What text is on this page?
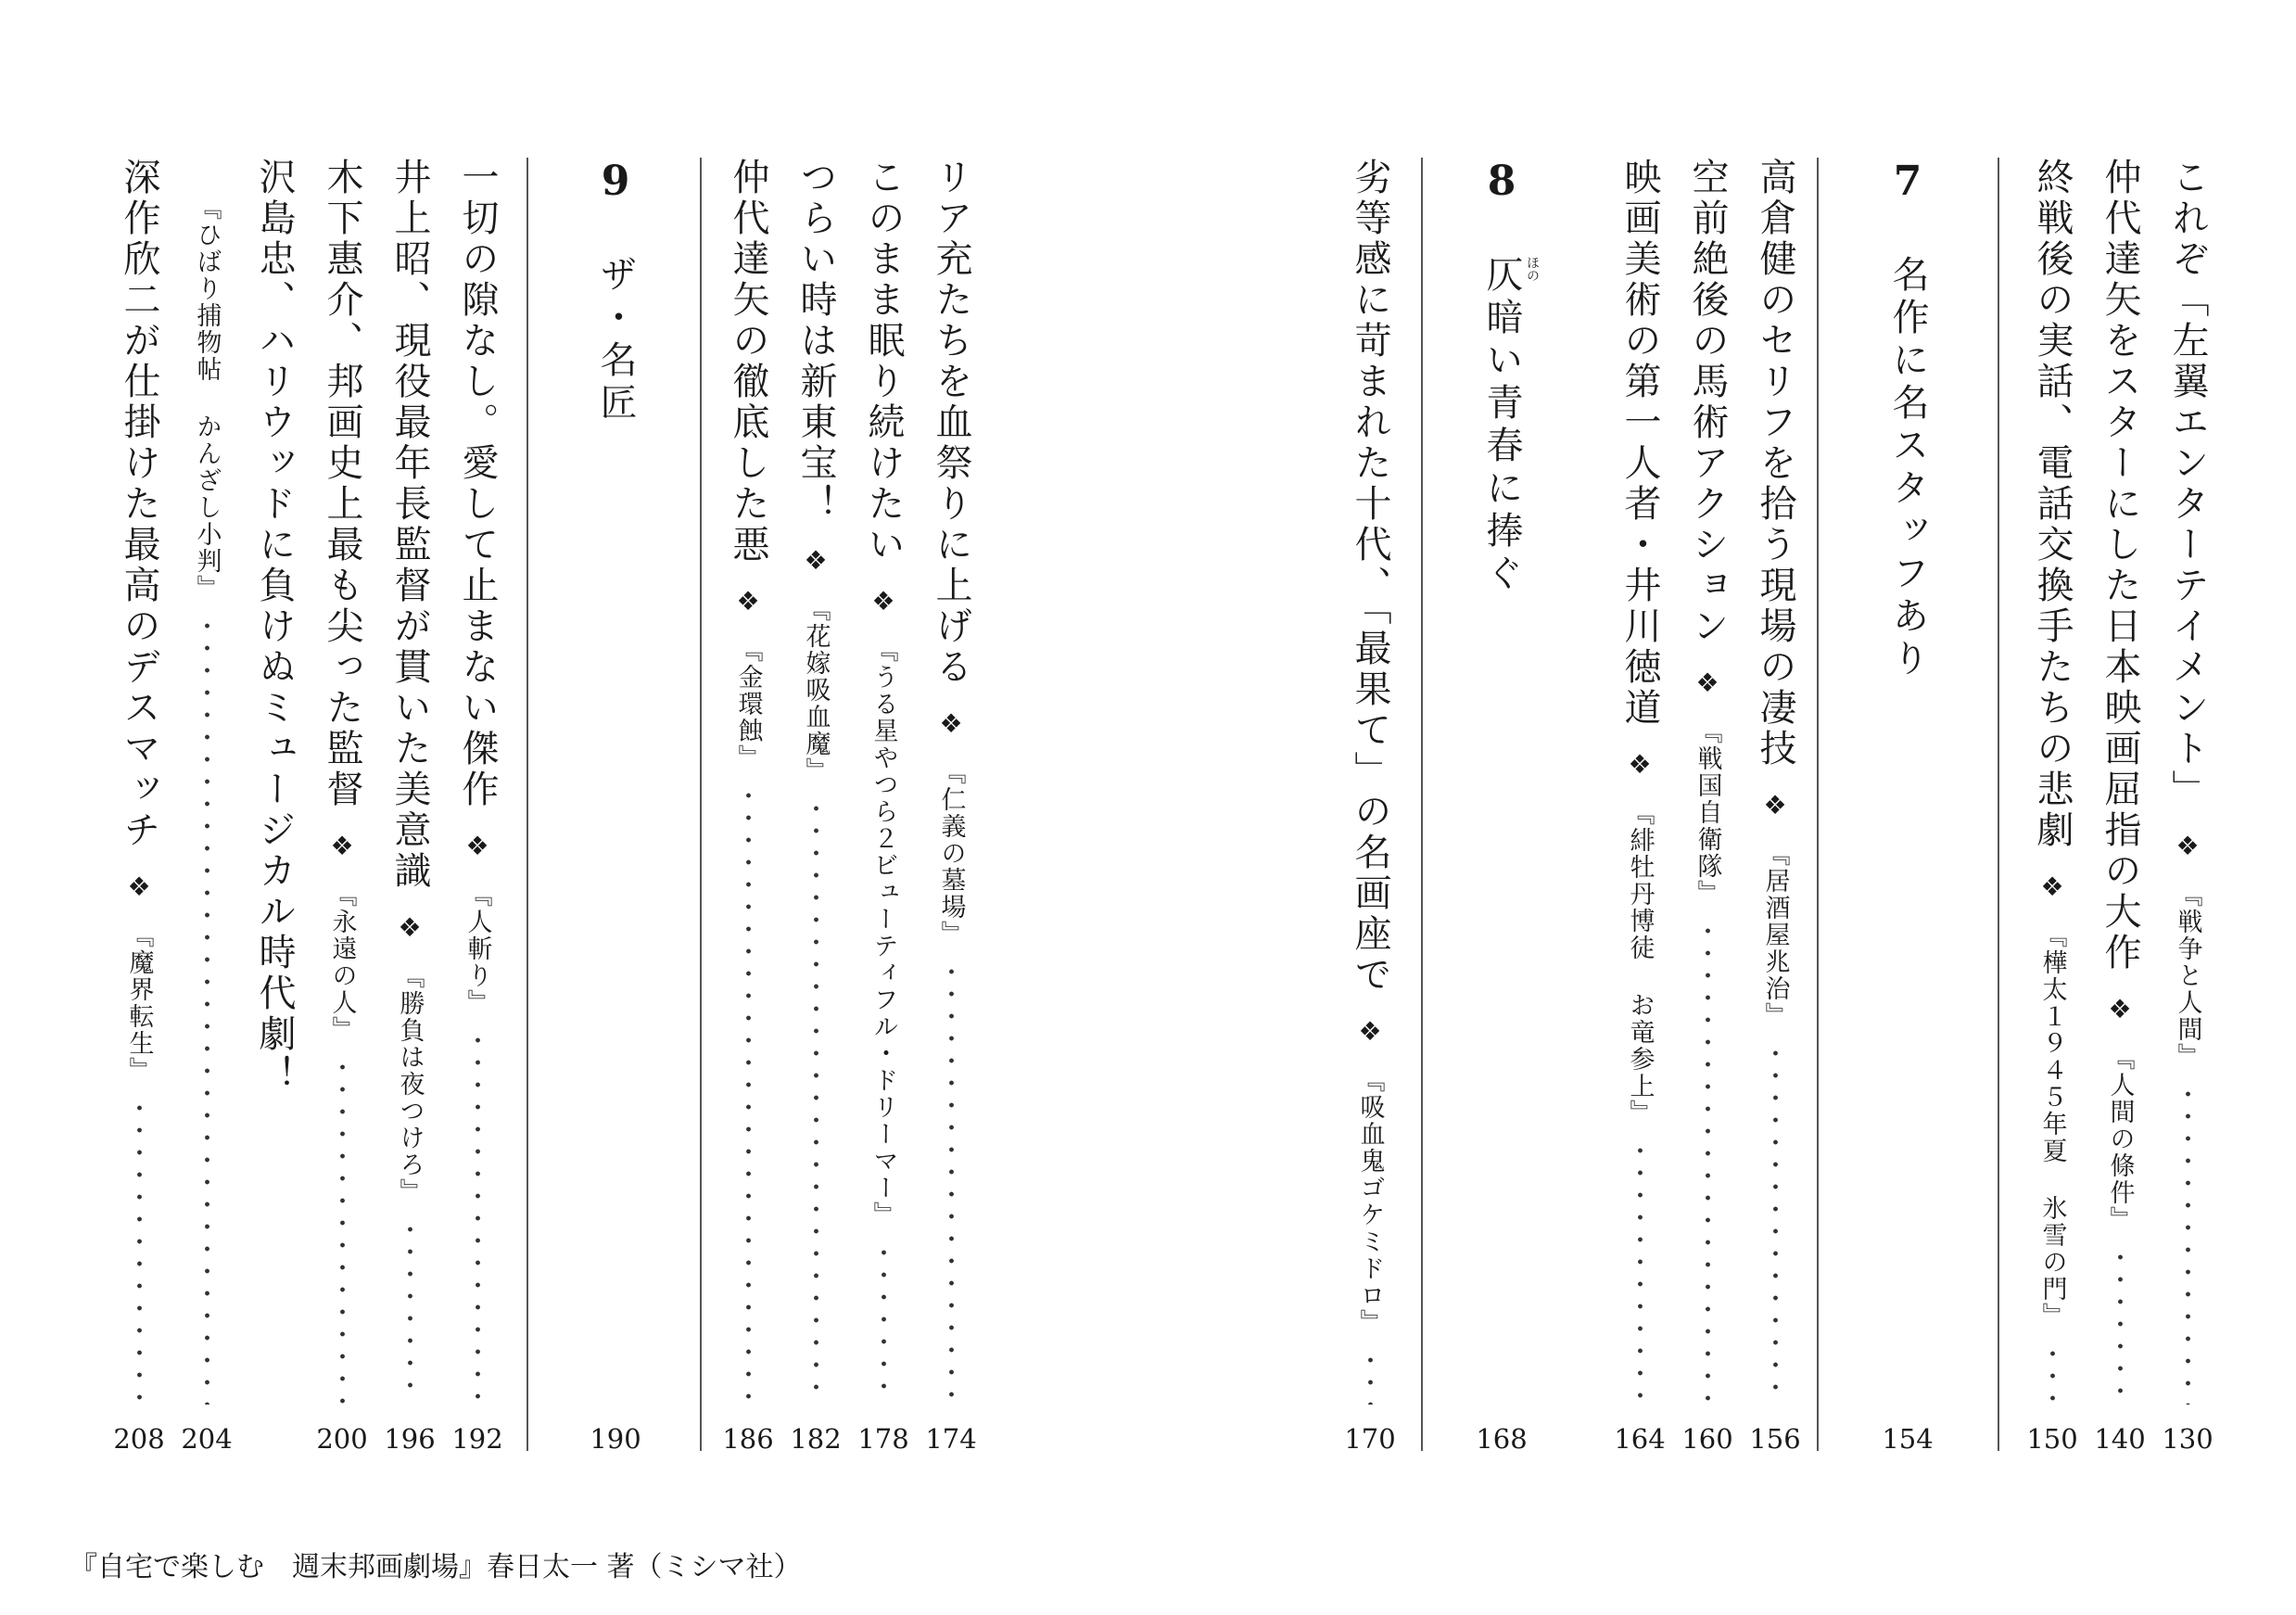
これぞ「左翼エンターテイメント」
❖
『戦争と人間』
130
仲代達矢をスターにした日本映画屈指の大作
❖
『人間の條件』
140
終戦後の実話、電話交換手たちの悲劇
❖
『樺太１９４５年夏 氷雪の門』
150
高倉健のセリフを拾う現場の凄技
❖
『居酒屋兆治』
156
空前絶後の馬術アクション
❖
『戦国自衛隊』
160
映画美術の第一人者・井川徳道
❖
『緋牡丹博徒 お竜参上』
164
劣等感に苛まれた十代、「最果て」の名画座で
❖
『吸血鬼ゴケミドロ』
170
リア充たちを血祭りに上げる
❖
『仁義の墓場』
174
このまま眠り続けたい
❖
『うる星やつら２ビューティフル・ドリーマー』
178
つらい時は新東宝！
❖
『花嫁吸血魔』
182
仲代達矢の徹底した悪
❖
『金環蝕』
186
一切の隙なし。愛して止まない傑作
❖
『人斬り』
192
井上昭、現役最年長監督が貫いた美意識
❖
『勝負は夜つけろ』
196
木下惠介、邦画史上最も尖った監督
❖
『永遠の人』
200
沢島忠、ハリウッドに負けぬミュージカル時代劇！
『ひばり捕物帖 かんざし小判』
204
深作欣二が仕掛けた最高のデスマッチ
❖
『魔界転生』
208
7
名作に名スタッフあり
154
8
仄暗い青春に捧ぐ ほの
168
9
ザ・名匠
190
『自宅で楽しむ　週末邦画劇場』春日太一 著（ミシマ社）
